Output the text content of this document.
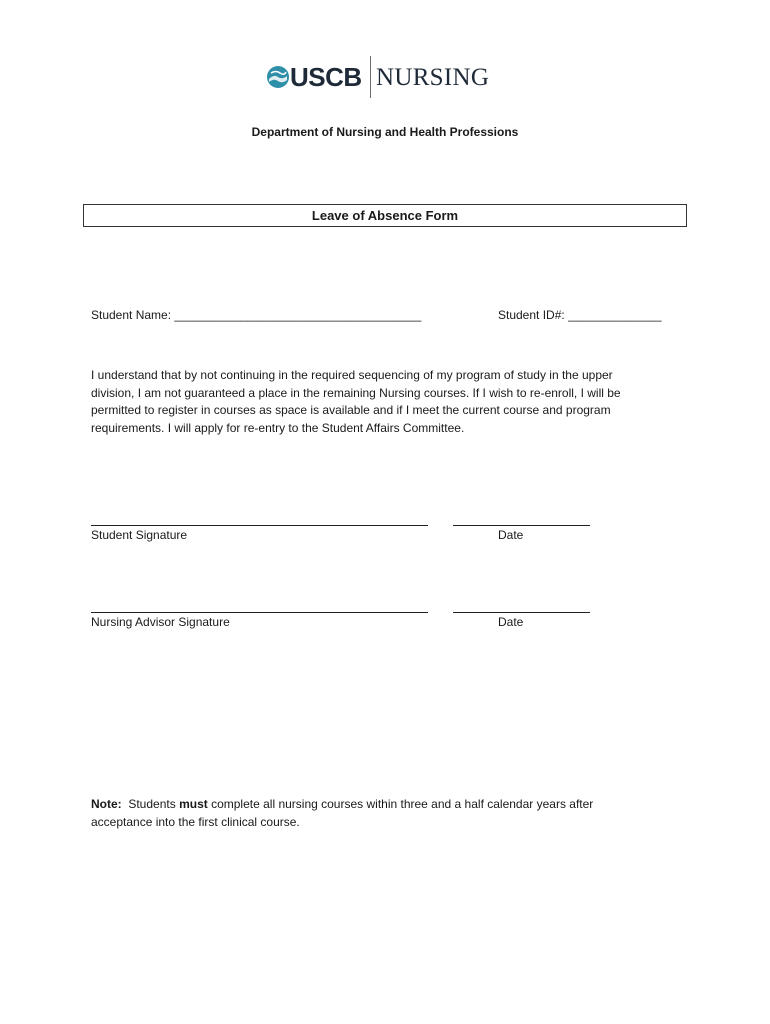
USCB NURSING
Department of Nursing and Health Professions
Leave of Absence Form
Student Name: _____________________________________	Student ID#: ______________
I understand that by not continuing in the required sequencing of my program of study in the upper
division, I am not guaranteed a place in the remaining Nursing courses. If I wish to re-enroll, I will be
permitted to register in courses as space is available and if I meet the current course and program
requirements. I will apply for re-entry to the Student Affairs Committee.
Student Signature	Date
Nursing Advisor Signature	Date
Note: Students must complete all nursing courses within three and a half calendar years after
acceptance into the first clinical course.
